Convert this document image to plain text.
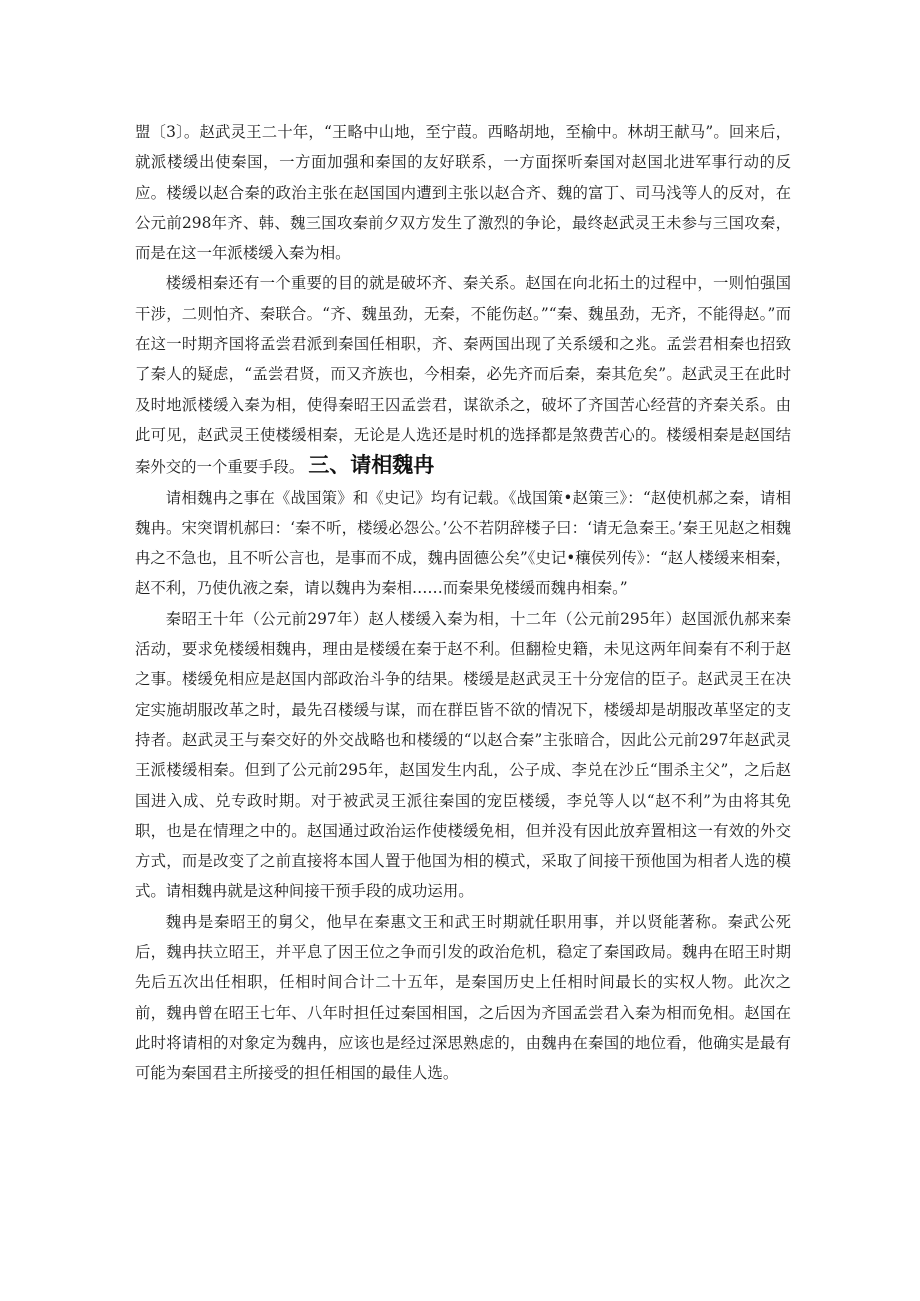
盟〔3〕。赵武灵王二十年，“王略中山地，至宁葭。西略胡地，至榆中。林胡王献马”。回来后，就派楼缓出使秦国，一方面加强和秦国的友好联系，一方面探听秦国对赵国北进军事行动的反应。楼缓以赵合秦的政治主张在赵国国内遭到主张以赵合齐、魏的富丁、司马浅等人的反对，在公元前298年齐、韩、魏三国攻秦前夕双方发生了激烈的争论，最终赵武灵王未参与三国攻秦，而是在这一年派楼缓入秦为相。

楼缓相秦还有一个重要的目的就是破坏齐、秦关系。赵国在向北拓土的过程中，一则怕强国干涉，二则怕齐、秦联合。“齐、魏虽劲，无秦，不能伤赵。”“秦、魏虽劲，无齐，不能得赵。”而在这一时期齐国将孟尝君派到秦国任相职，齐、秦两国出现了关系缓和之兆。孟尝君相秦也招致了秦人的疑虑，“孟尝君贤，而又齐族也，今相秦，必先齐而后秦，秦其危矣”。赵武灵王在此时及时地派楼缓入秦为相，使得秦昭王囚孟尝君，谋欲杀之，破坏了齐国苦心经营的齐秦关系。由此可见，赵武灵王使楼缓相秦，无论是人选还是时机的选择都是煞费苦心的。楼缓相秦是赵国结秦外交的一个重要手段。 三、请相魏冉

请相魏冉之事在《战国策》和《史记》均有记载。《战国策•赵策三》：“赵使机郝之秦，请相魏冉。宋突谓机郝曰：‘秦不听，楼缓必怨公。’公不若阴辞楼子曰：‘请无急秦王。’秦王见赵之相魏冉之不急也，且不听公言也，是事而不成，魏冉固德公矣”《史记•穰侯列传》：“赵人楼缓来相秦，赵不利，乃使仇液之秦，请以魏冉为秦相……而秦果免楼缓而魏冉相秦。”

秦昭王十年（公元前297年）赵人楼缓入秦为相，十二年（公元前295年）赵国派仇郝来秦活动，要求免楼缓相魏冉，理由是楼缓在秦于赵不利。但翻检史籍，未见这两年间秦有不利于赵之事。楼缓免相应是赵国内部政治斗争的结果。楼缓是赵武灵王十分宠信的臣子。赵武灵王在决定实施胡服改革之时，最先召楼缓与谋，而在群臣皆不欲的情况下，楼缓却是胡服改革坚定的支持者。赵武灵王与秦交好的外交战略也和楼缓的“以赵合秦”主张暗合，因此公元前297年赵武灵王派楼缓相秦。但到了公元前295年，赵国发生内乱，公子成、李兑在沙丘“围杀主父”，之后赵国进入成、兑专政时期。对于被武灵王派往秦国的宠臣楼缓，李兑等人以“赵不利”为由将其免职，也是在情理之中的。赵国通过政治运作使楼缓免相，但并没有因此放弃置相这一有效的外交方式，而是改变了之前直接将本国人置于他国为相的模式，采取了间接干预他国为相者人选的模式。请相魏冉就是这种间接干预手段的成功运用。

魏冉是秦昭王的舅父，他早在秦惠文王和武王时期就任职用事，并以贤能著称。秦武公死后，魏冉扶立昭王，并平息了因王位之争而引发的政治危机，稳定了秦国政局。魏冉在昭王时期先后五次出任相职，任相时间合计二十五年，是秦国历史上任相时间最长的实权人物。此次之前，魏冉曾在昭王七年、八年时担任过秦国相国，之后因为齐国孟尝君入秦为相而免相。赵国在此时将请相的对象定为魏冉，应该也是经过深思熟虑的，由魏冉在秦国的地位看，他确实是最有可能为秦国君主所接受的担任相国的最佳人选。
